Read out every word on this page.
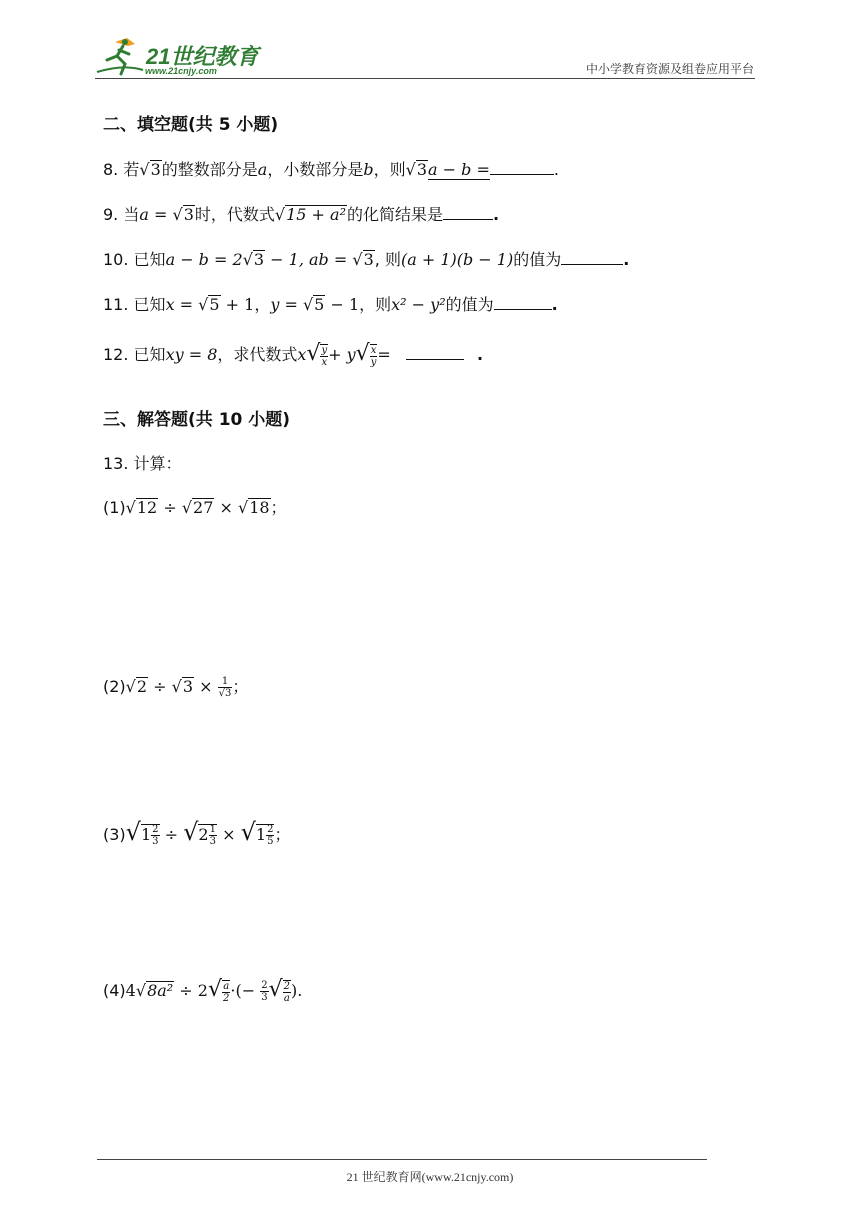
21世纪教育
www.21cnjy.com	中小学教育资源及组卷应用平台
二、填空题(共 5 小题)
8. 若√3的整数部分是a，小数部分是b，则√3a − b =	.
9. 当a = √3时，代数式√15 + a²的化简结果是	.
10. 已知a − b = 2√3 − 1, ab = √3, 则(a + 1)(b − 1)的值为	.
11. 已知x = √5 + 1，y = √5 − 1，则x² − y²的值为	.
12. 已知xy = 8，求代数式$x√ \frac{y}{x} + y√ \frac{x}{y}$ =	.
三、解答题(共 10 小题)
13. 计算：
(1)√12 ÷ √27 × √18；
$(2)√2 \div √3 \times \frac{1}{√3}$ ；
$(3)√1 \frac{2}{3} \div √2 \frac{1}{3} \times √1 \frac{2}{5}$ ；
$(4)4√8a^2 \div 2√ \frac{a}{2}$ ·(− $\frac{2}{3}$ √ $\frac{2}{a}$ ).
21 世纪教育网(www.21cnjy.com)
